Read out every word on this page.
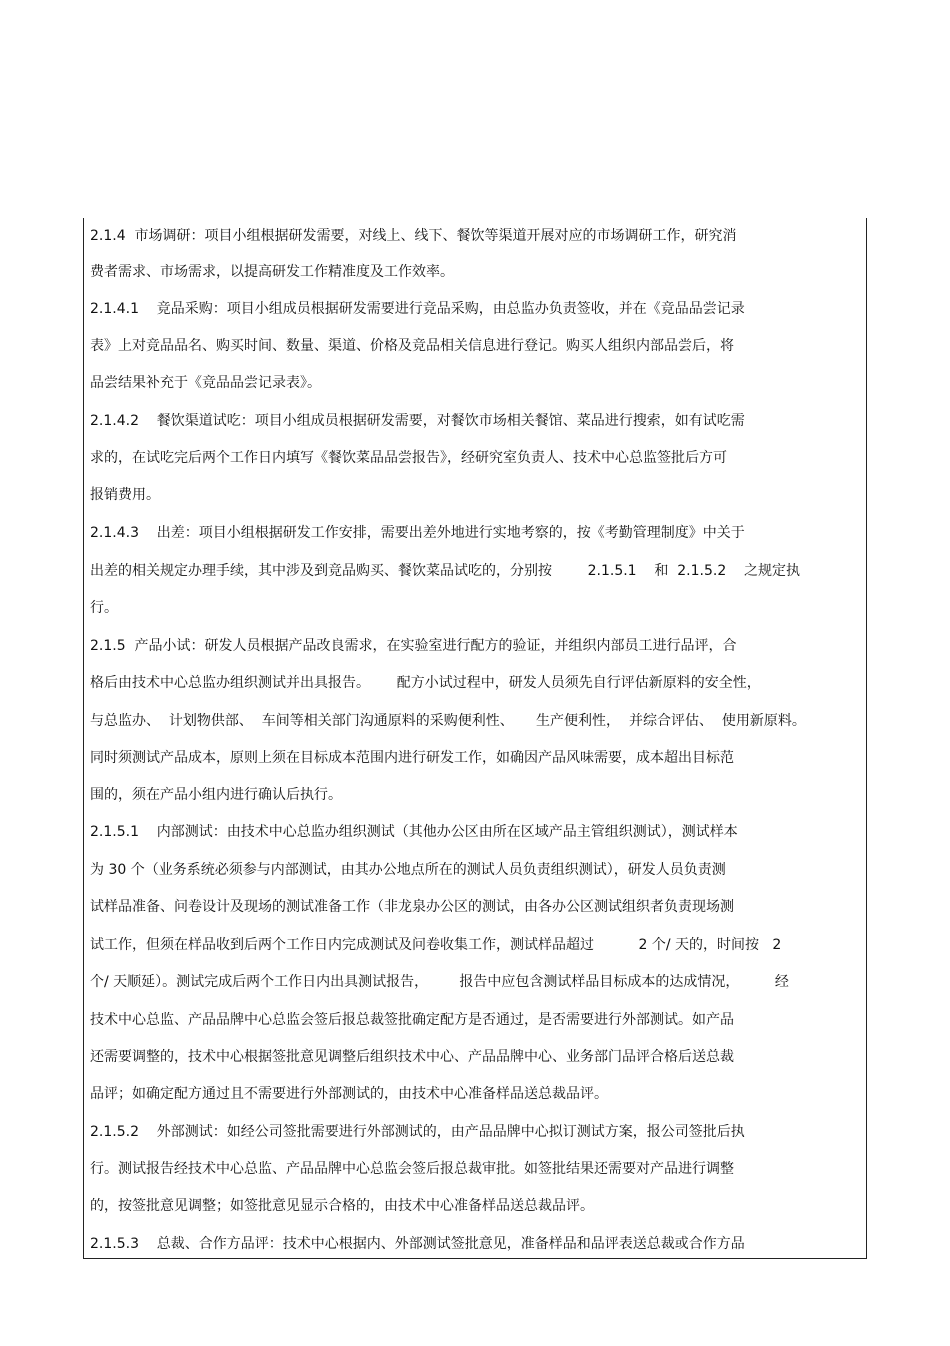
2.1.4  市场调研：项目小组根据研发需要，对线上、线下、餐饮等渠道开展对应的市场调研工作，研究消
费者需求、市场需求，以提高研发工作精准度及工作效率。
2.1.4.1    竞品采购：项目小组成员根据研发需要进行竞品采购，由总监办负责签收，并在《竞品品尝记录
表》上对竞品品名、购买时间、数量、渠道、价格及竞品相关信息进行登记。购买人组织内部品尝后，将
品尝结果补充于《竞品品尝记录表》。
2.1.4.2    餐饮渠道试吃：项目小组成员根据研发需要，对餐饮市场相关餐馆、菜品进行搜索，如有试吃需
求的，在试吃完后两个工作日内填写《餐饮菜品品尝报告》，经研究室负责人、技术中心总监签批后方可
报销费用。
2.1.4.3    出差：项目小组根据研发工作安排，需要出差外地进行实地考察的，按《考勤管理制度》中关于
出差的相关规定办理手续，其中涉及到竞品购买、餐饮菜品试吃的，分别按        2.1.5.1    和  2.1.5.2    之规定执
行。
2.1.5  产品小试：研发人员根据产品改良需求，在实验室进行配方的验证，并组织内部员工进行品评，合
格后由技术中心总监办组织测试并出具报告。      配方小试过程中，研发人员须先自行评估新原料的安全性，
与总监办、  计划物供部、  车间等相关部门沟通原料的采购便利性、     生产便利性，  并综合评估、  使用新原料。
同时须测试产品成本，原则上须在目标成本范围内进行研发工作，如确因产品风味需要，成本超出目标范
围的，须在产品小组内进行确认后执行。
2.1.5.1    内部测试：由技术中心总监办组织测试（其他办公区由所在区域产品主管组织测试），测试样本
为 30 个（业务系统必须参与内部测试，由其办公地点所在的测试人员负责组织测试），研发人员负责测
试样品准备、问卷设计及现场的测试准备工作（非龙泉办公区的测试，由各办公区测试组织者负责现场测
试工作，但须在样品收到后两个工作日内完成测试及问卷收集工作，测试样品超过          2 个/ 天的，时间按   2
个/ 天顺延）。测试完成后两个工作日内出具测试报告，       报告中应包含测试样品目标成本的达成情况，        经
技术中心总监、产品品牌中心总监会签后报总裁签批确定配方是否通过，是否需要进行外部测试。如产品
还需要调整的，技术中心根据签批意见调整后组织技术中心、产品品牌中心、业务部门品评合格后送总裁
品评；如确定配方通过且不需要进行外部测试的，由技术中心准备样品送总裁品评。
2.1.5.2    外部测试：如经公司签批需要进行外部测试的，由产品品牌中心拟订测试方案，报公司签批后执
行。测试报告经技术中心总监、产品品牌中心总监会签后报总裁审批。如签批结果还需要对产品进行调整
的，按签批意见调整；如签批意见显示合格的，由技术中心准备样品送总裁品评。
2.1.5.3    总裁、合作方品评：技术中心根据内、外部测试签批意见，准备样品和品评表送总裁或合作方品
